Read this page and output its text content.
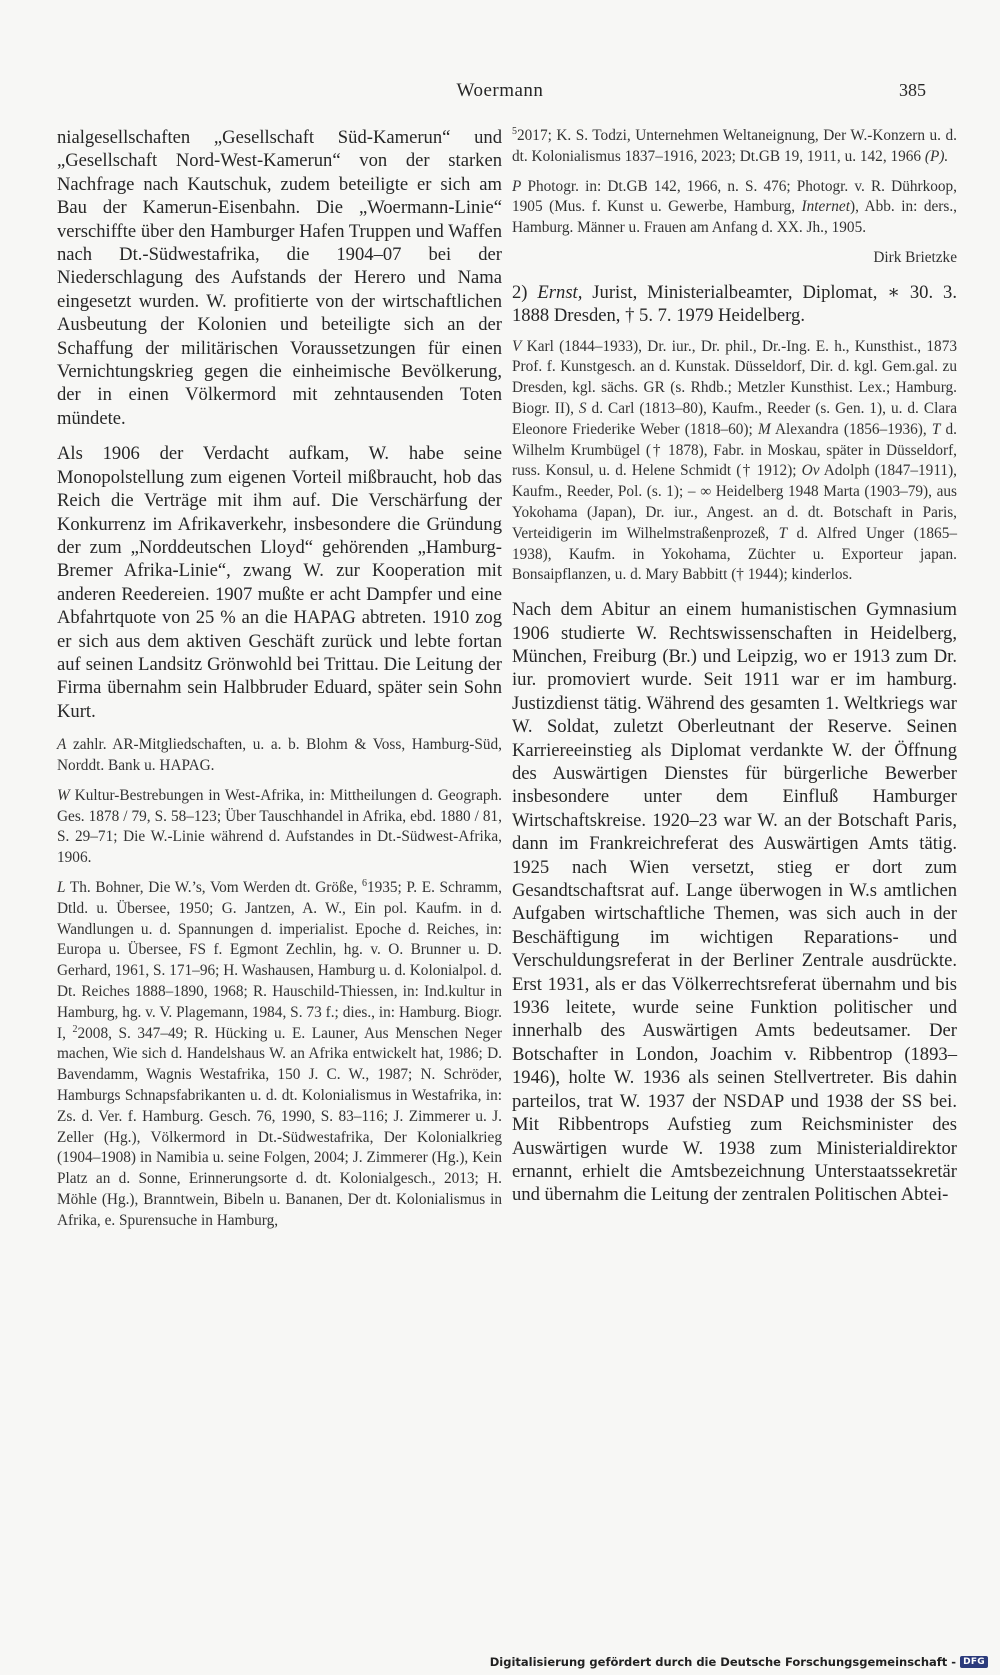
Woermann	385

nialgesellschaften „Gesellschaft Süd-Kamerun“ und „Gesellschaft Nord-West-Kamerun“ von der starken Nachfrage nach Kautschuk, zudem beteiligte er sich am Bau der Kamerun-Eisenbahn. Die „Woermann-Linie“ verschiffte über den Hamburger Hafen Truppen und Waffen nach Dt.-Südwestafrika, die 1904–07 bei der Niederschlagung des Aufstands der Herero und Nama eingesetzt wurden. W. profitierte von der wirtschaftlichen Ausbeutung der Kolonien und beteiligte sich an der Schaffung der militärischen Voraussetzungen für einen Vernichtungskrieg gegen die einheimische Bevölkerung, der in einen Völkermord mit zehntausenden Toten mündete.

Als 1906 der Verdacht aufkam, W. habe seine Monopolstellung zum eigenen Vorteil mißbraucht, hob das Reich die Verträge mit ihm auf. Die Verschärfung der Konkurrenz im Afrikaverkehr, insbesondere die Gründung der zum „Norddeutschen Lloyd“ gehörenden „Hamburg-Bremer Afrika-Linie“, zwang W. zur Kooperation mit anderen Reedereien. 1907 mußte er acht Dampfer und eine Abfahrtquote von 25 % an die HAPAG abtreten. 1910 zog er sich aus dem aktiven Geschäft zurück und lebte fortan auf seinen Landsitz Grönwohld bei Trittau. Die Leitung der Firma übernahm sein Halbbruder Eduard, später sein Sohn Kurt.

A zahlr. AR-Mitgliedschaften, u. a. b. Blohm & Voss, Hamburg-Süd, Norddt. Bank u. HAPAG.

W Kultur-Bestrebungen in West-Afrika, in: Mittheilungen d. Geograph. Ges. 1878 / 79, S. 58–123; Über Tauschhandel in Afrika, ebd. 1880 / 81, S. 29–71; Die W.-Linie während d. Aufstandes in Dt.-Südwest-Afrika, 1906.

L Th. Bohner, Die W.’s, Vom Werden dt. Größe, $^6$1935; P. E. Schramm, Dtld. u. Übersee, 1950; G. Jantzen, A. W., Ein pol. Kaufm. in d. Wandlungen u. d. Spannungen d. imperialist. Epoche d. Reiches, in: Europa u. Übersee, FS f. Egmont Zechlin, hg. v. O. Brunner u. D. Gerhard, 1961, S. 171–96; H. Washausen, Hamburg u. d. Kolonialpol. d. Dt. Reiches 1888–1890, 1968; R. Hauschild-Thiessen, in: Ind.kultur in Hamburg, hg. v. V. Plagemann, 1984, S. 73 f.; dies., in: Hamburg. Biogr. I, $^2$2008, S. 347–49; R. Hücking u. E. Launer, Aus Menschen Neger machen, Wie sich d. Handelshaus W. an Afrika entwickelt hat, 1986; D. Bavendamm, Wagnis Westafrika, 150 J. C. W., 1987; N. Schröder, Hamburgs Schnapsfabrikanten u. d. dt. Kolonialismus in Westafrika, in: Zs. d. Ver. f. Hamburg. Gesch. 76, 1990, S. 83–116; J. Zimmerer u. J. Zeller (Hg.), Völkermord in Dt.-Südwestafrika, Der Kolonialkrieg (1904–1908) in Namibia u. seine Folgen, 2004; J. Zimmerer (Hg.), Kein Platz an d. Sonne, Erinnerungsorte d. dt. Kolonialgesch., 2013; H. Möhle (Hg.), Branntwein, Bibeln u. Bananen, Der dt. Kolonialismus in Afrika, e. Spurensuche in Hamburg,

$^5$2017; K. S. Todzi, Unternehmen Weltaneignung, Der W.-Konzern u. d. dt. Kolonialismus 1837–1916, 2023; Dt.GB 19, 1911, u. 142, 1966 (P).

P Photogr. in: Dt.GB 142, 1966, n. S. 476; Photogr. v. R. Dührkoop, 1905 (Mus. f. Kunst u. Gewerbe, Hamburg, Internet), Abb. in: ders., Hamburg. Männer u. Frauen am Anfang d. XX. Jh., 1905.

Dirk Brietzke

2) Ernst, Jurist, Ministerialbeamter, Diplomat, ∗ 30. 3. 1888 Dresden, † 5. 7. 1979 Heidelberg.

V Karl (1844–1933), Dr. iur., Dr. phil., Dr.-Ing. E. h., Kunsthist., 1873 Prof. f. Kunstgesch. an d. Kunstak. Düsseldorf, Dir. d. kgl. Gem.gal. zu Dresden, kgl. sächs. GR (s. Rhdb.; Metzler Kunsthist. Lex.; Hamburg. Biogr. II), S d. Carl (1813–80), Kaufm., Reeder (s. Gen. 1), u. d. Clara Eleonore Friederike Weber (1818–60); M Alexandra (1856–1936), T d. Wilhelm Krumbügel († 1878), Fabr. in Moskau, später in Düsseldorf, russ. Konsul, u. d. Helene Schmidt († 1912); Ov Adolph (1847–1911), Kaufm., Reeder, Pol. (s. 1); – ∞ Heidelberg 1948 Marta (1903–79), aus Yokohama (Japan), Dr. iur., Angest. an d. dt. Botschaft in Paris, Verteidigerin im Wilhelmstraßenprozeß, T d. Alfred Unger (1865–1938), Kaufm. in Yokohama, Züchter u. Exporteur japan. Bonsaipflanzen, u. d. Mary Babbitt († 1944); kinderlos.

Nach dem Abitur an einem humanistischen Gymnasium 1906 studierte W. Rechtswissenschaften in Heidelberg, München, Freiburg (Br.) und Leipzig, wo er 1913 zum Dr. iur. promoviert wurde. Seit 1911 war er im hamburg. Justizdienst tätig. Während des gesamten 1. Weltkriegs war W. Soldat, zuletzt Oberleutnant der Reserve. Seinen Karriereeinstieg als Diplomat verdankte W. der Öffnung des Auswärtigen Dienstes für bürgerliche Bewerber insbesondere unter dem Einfluß Hamburger Wirtschaftskreise. 1920–23 war W. an der Botschaft Paris, dann im Frankreichreferat des Auswärtigen Amts tätig. 1925 nach Wien versetzt, stieg er dort zum Gesandtschaftsrat auf. Lange überwogen in W.s amtlichen Aufgaben wirtschaftliche Themen, was sich auch in der Beschäftigung im wichtigen Reparations- und Verschuldungsreferat in der Berliner Zentrale ausdrückte. Erst 1931, als er das Völkerrechtsreferat übernahm und bis 1936 leitete, wurde seine Funktion politischer und innerhalb des Auswärtigen Amts bedeutsamer. Der Botschafter in London, Joachim v. Ribbentrop (1893–1946), holte W. 1936 als seinen Stellvertreter. Bis dahin parteilos, trat W. 1937 der NSDAP und 1938 der SS bei. Mit Ribbentrops Aufstieg zum Reichsminister des Auswärtigen wurde W. 1938 zum Ministerialdirektor ernannt, erhielt die Amtsbezeichnung Unterstaatssekretär und übernahm die Leitung der zentralen Politischen Abtei-

Digitalisierung gefördert durch die Deutsche Forschungsgemeinschaft - DFG
